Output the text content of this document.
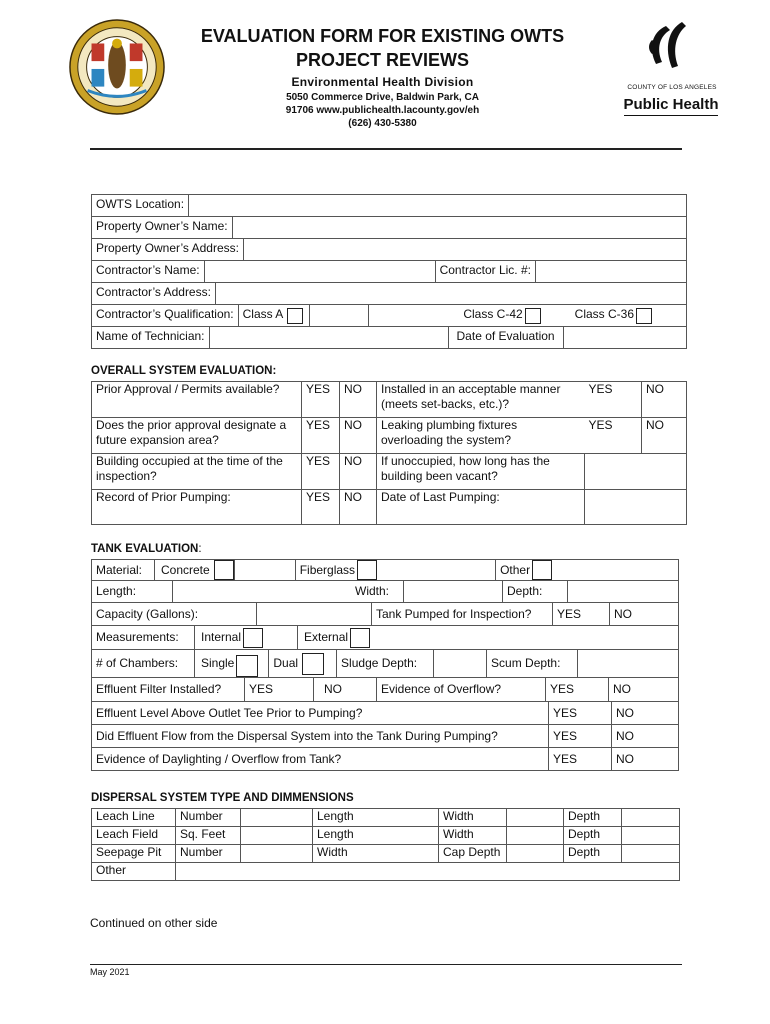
EVALUATION FORM FOR EXISTING OWTS
PROJECT REVIEWS
Environmental Health Division
5050 Commerce Drive, Baldwin Park, CA
91706 www.publichealth.lacounty.gov/eh
(626) 430-5380
COUNTY OF LOS ANGELES
Public Health
OWTS Location:

Property Owner’s Name:

Property Owner’s Address:

Contractor’s Name:	Contractor Lic. #:

Contractor’s Address:

Contractor’s Qualification: Class A	Class C-42	Class C-36

Name of Technician:	Date of Evaluation
OVERALL SYSTEM EVALUATION:
Prior Approval / Permits available?	YES	NO	Installed in an acceptable manner (meets set-backs, etc.)?	YES	NO
Does the prior approval designate a future expansion area?	YES	NO	Leaking plumbing fixtures overloading the system?	YES	NO
Building occupied at the time of the inspection?	YES	NO	If unoccupied, how long has the building been vacant?		
Record of Prior Pumping:	YES	NO	Date of Last Pumping:		
TANK EVALUATION:
Material:	Concrete	Fiberglass	Other
Length:	Width:	Depth:
Capacity (Gallons):	Tank Pumped for Inspection?	YES	NO
Measurements:	Internal	External
# of Chambers:	Single	Dual	Sludge Depth:	Scum Depth:
Effluent Filter Installed?	YES	NO	Evidence of Overflow?	YES	NO
Effluent Level Above Outlet Tee Prior to Pumping?	YES	NO
Did Effluent Flow from the Dispersal System into the Tank During Pumping?	YES	NO
Evidence of Daylighting / Overflow from Tank?	YES	NO
DISPERSAL SYSTEM TYPE AND DIMMENSIONS
Leach Line	Number		Length	Width		Depth	
Leach Field	Sq. Feet		Length	Width		Depth	
Seepage Pit	Number		Width	Cap Depth		Depth	
Other							
Continued on other side
May 2021
